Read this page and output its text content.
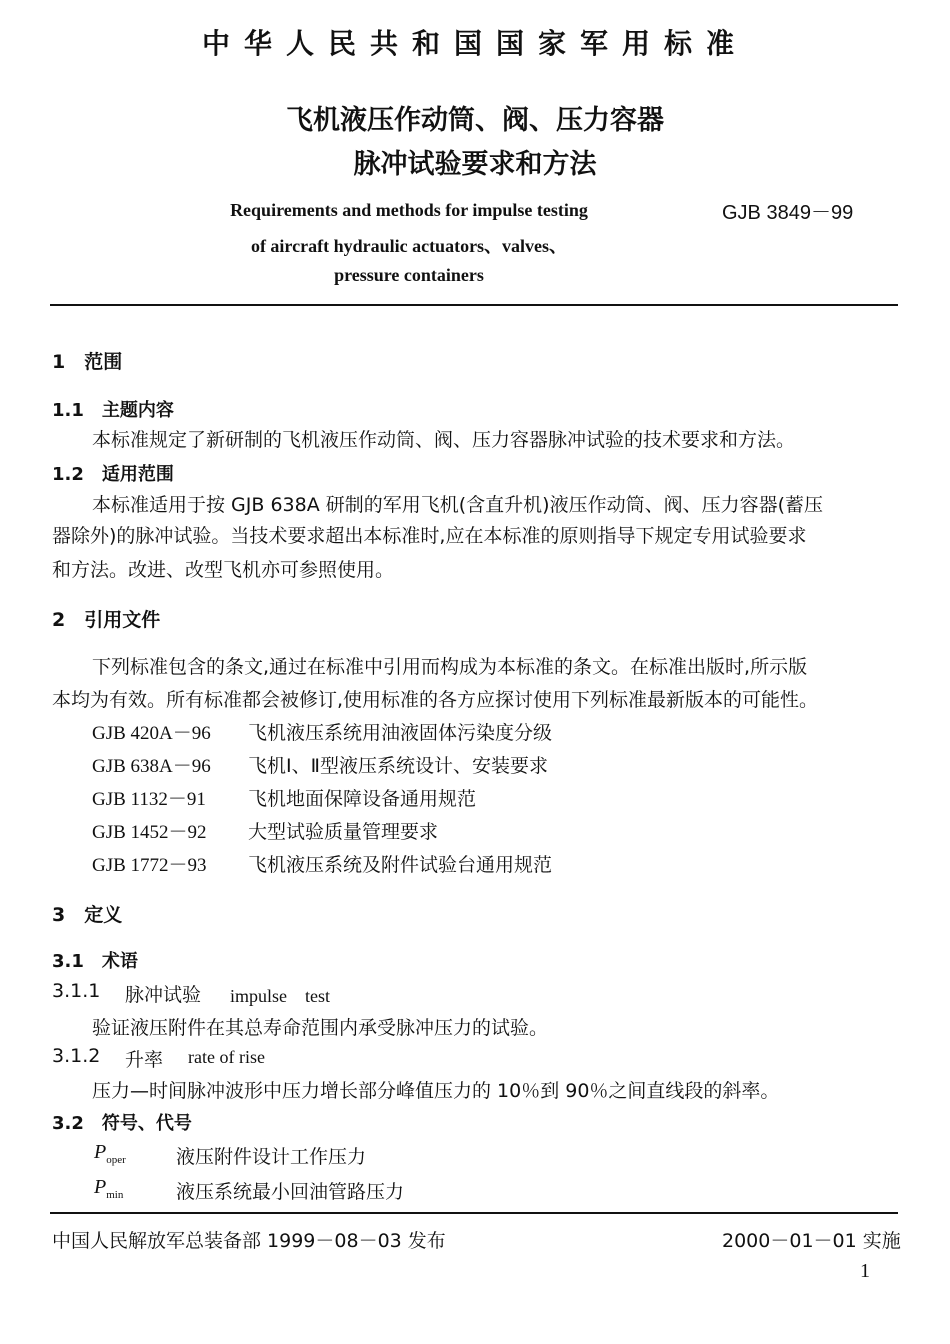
中华人民共和国国家军用标准
飞机液压作动筒、阀、压力容器
脉冲试验要求和方法
Requirements and methods for impulse testing
of aircraft hydraulic actuators、valves、
pressure containers
GJB 3849－99
1　范围
1.1　主题内容
本标准规定了新研制的飞机液压作动筒、阀、压力容器脉冲试验的技术要求和方法。
1.2　适用范围
本标准适用于按 GJB 638A 研制的军用飞机(含直升机)液压作动筒、阀、压力容器(蓄压
器除外)的脉冲试验。当技术要求超出本标准时,应在本标准的原则指导下规定专用试验要求
和方法。改进、改型飞机亦可参照使用。
2　引用文件
下列标准包含的条文,通过在标准中引用而构成为本标准的条文。在标准出版时,所示版
本均为有效。所有标准都会被修订,使用标准的各方应探讨使用下列标准最新版本的可能性。
GJB 420A－96 飞机液压系统用油液固体污染度分级
GJB 638A－96 飞机Ⅰ、Ⅱ型液压系统设计、安装要求
GJB 1132－91 飞机地面保障设备通用规范
GJB 1452－92 大型试验质量管理要求
GJB 1772－93 飞机液压系统及附件试验台通用规范
3　定义
3.1　术语
3.1.1 脉冲试验 impulse　test
验证液压附件在其总寿命范围内承受脉冲压力的试验。
3.1.2 升率 rate of rise
压力—时间脉冲波形中压力增长部分峰值压力的 10％到 90％之间直线段的斜率。
3.2　符号、代号
$P_{oper}$	液压附件设计工作压力
$P_{min}$	液压系统最小回油管路压力
中国人民解放军总装备部 1999－08－03 发布	2000－01－01 实施
1
